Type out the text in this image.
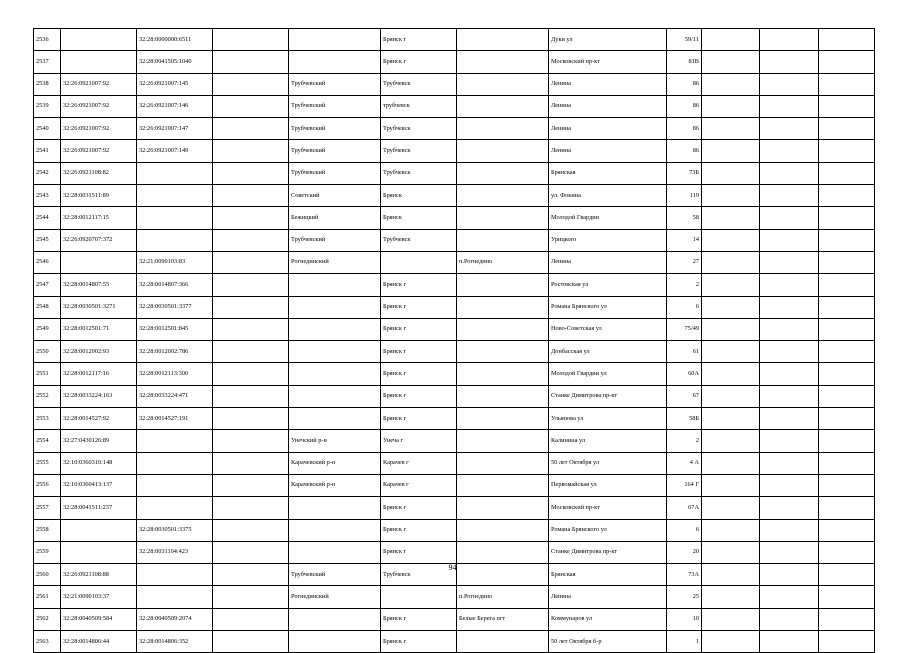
2536		32:28:0000000:6511			Брянск г		Дуки ул	59/11			
2537		32:28:0041505:1040			Брянск г		Московский пр-кт	81В			
2538	32:26:0921007:92	32:26:0921007:145		Трубчевский	Трубчевск		Ленина	86			
2539	32:26:0921007:92	32:26:0921007:146		Трубчевский	трубчевск		Ленина	86			
2540	32:26:0921007:92	32:26:0921007:147		Трубчевский	Трубчевск		Ленина	86			
2541	32:26:0921007:92	32:26:0921007:149		Трубчевский	Трубчевск		Ленина	86			
2542	32:26:0921108:82			Трубчевский	Трубчевск		Брянская	73Б			
2543	32:28:0031511:89			Советский	Брянск		ул. Фокина	119			
2544	32:28:0012117:15			Бежицкий	Брянск		Молодой Гвардии	58			
2545	32:26:0920707:372			Трубчевский	Трубчевск		Урицкого	14			
2546		32:21:0090103:83		Рогнединский		п.Рогнедино	Ленина	27			
2547	32:28:0014807:55	32:28:0014807:366			Брянск г		Ростовская ул	2			
2548	32:28:0030501:3271	32:28:0030501:3377			Брянск г		Романа Брянского ул	6			
2549	32:28:0012501:71	32:28:0012501:845			Брянск г		Ново-Советская ул	75/49			
2550	32:28:0012002:93	32:28:0012002:786			Брянск г		Донбасская ул	61			
2551	32:28:0012117:16	32:28:0012113:300			Брянск г		Молодой Гвардии ул	60А			
2552	32:28:0033224:163	32:28:0033224:471			Брянск г		Станке Димитрова пр-кт	67			
2553	32:28:0014527:92	32:28:0014527:191			Брянск г		Ульянова ул	58Б			
2554	32:27:0430126:89			Унечский р-н	Унеча г		Калинина ул	2			
2555	32:10:0360310:148			Карачевский р-н	Карачев г		50 лет Октября ул	4 А			
2556	32:10:0360413:137			Карачевский р-н	Карачев г		Первомайская ул	164 Г			
2557	32:28:0041511:237				Брянск г		Московский пр-кт	67А			
2558		32:28:0030501:3375			Брянск г		Романа Брянского ул	6			
2559		32:28:0031104:423			Брянск г		Станке Димитрова пр-кт	20			
2560	32:26:0921108:88			Трубчевский	Трубчевск		Брянская	73А			
2561	32:21:0090103:37			Рогнединский		п.Рогнедино	Ленина	25			
2562	32:28:0040509:584	32:28:0040509:2074			Брянск г	Белые Берега пгт	Коммунаров ул	10			
2563	32:28:0014806:44	32:28:0014806:352			Брянск г		50 лет Октября б-р	1			
94
